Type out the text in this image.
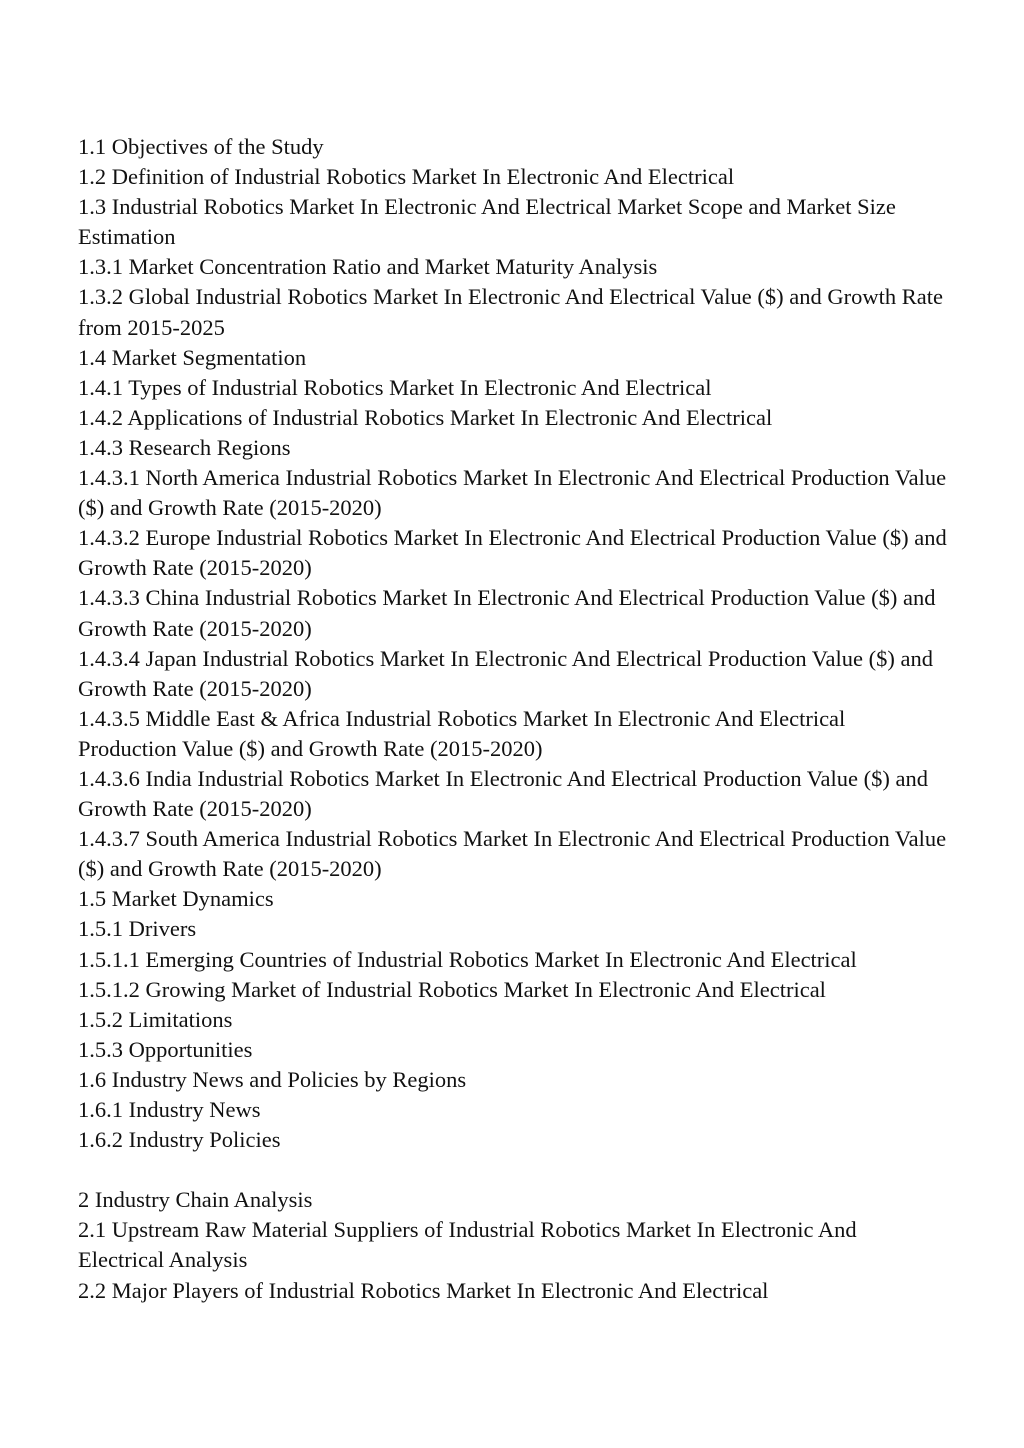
1.1 Objectives of the Study

1.2 Definition of Industrial Robotics Market In Electronic And Electrical

1.3 Industrial Robotics Market In Electronic And Electrical Market Scope and Market Size Estimation

1.3.1 Market Concentration Ratio and Market Maturity Analysis

1.3.2 Global Industrial Robotics Market In Electronic And Electrical Value ($) and Growth Rate from 2015-2025

1.4 Market Segmentation

1.4.1 Types of Industrial Robotics Market In Electronic And Electrical

1.4.2 Applications of Industrial Robotics Market In Electronic And Electrical

1.4.3 Research Regions

1.4.3.1 North America Industrial Robotics Market In Electronic And Electrical Production Value ($) and Growth Rate (2015-2020)

1.4.3.2 Europe Industrial Robotics Market In Electronic And Electrical Production Value ($) and Growth Rate (2015-2020)

1.4.3.3 China Industrial Robotics Market In Electronic And Electrical Production Value ($) and Growth Rate (2015-2020)

1.4.3.4 Japan Industrial Robotics Market In Electronic And Electrical Production Value ($) and Growth Rate (2015-2020)

1.4.3.5 Middle East & Africa Industrial Robotics Market In Electronic And Electrical Production Value ($) and Growth Rate (2015-2020)

1.4.3.6 India Industrial Robotics Market In Electronic And Electrical Production Value ($) and Growth Rate (2015-2020)

1.4.3.7 South America Industrial Robotics Market In Electronic And Electrical Production Value ($) and Growth Rate (2015-2020)

1.5 Market Dynamics

1.5.1 Drivers

1.5.1.1 Emerging Countries of Industrial Robotics Market In Electronic And Electrical

1.5.1.2 Growing Market of Industrial Robotics Market In Electronic And Electrical

1.5.2 Limitations

1.5.3 Opportunities

1.6 Industry News and Policies by Regions

1.6.1 Industry News

1.6.2 Industry Policies

2 Industry Chain Analysis

2.1 Upstream Raw Material Suppliers of Industrial Robotics Market In Electronic And Electrical Analysis

2.2 Major Players of Industrial Robotics Market In Electronic And Electrical
